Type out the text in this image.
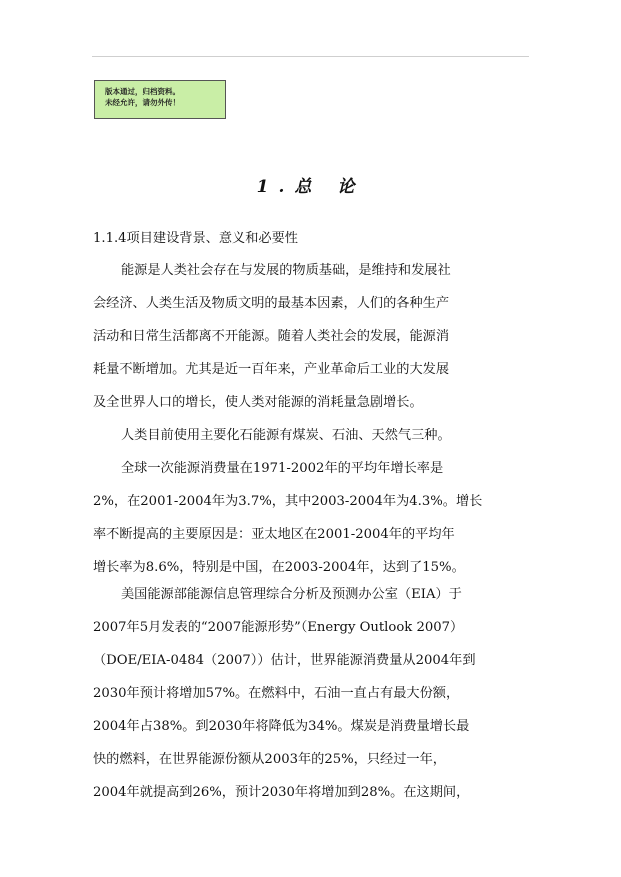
版本通过，归档资料。
未经允许，请勿外传！
1.总 论
1.1.4项目建设背景、意义和必要性
能源是人类社会存在与发展的物质基础，是维持和发展社
会经济、人类生活及物质文明的最基本因素，人们的各种生产
活动和日常生活都离不开能源。随着人类社会的发展，能源消
耗量不断增加。尤其是近一百年来，产业革命后工业的大发展
及全世界人口的增长，使人类对能源的消耗量急剧增长。
人类目前使用主要化石能源有煤炭、石油、天然气三种。
全球一次能源消费量在1971-2002年的平均年增长率是
2%，在2001-2004年为3.7%，其中2003-2004年为4.3%。增长
率不断提高的主要原因是：亚太地区在2001-2004年的平均年
增长率为8.6%，特别是中国，在2003-2004年，达到了15%。
美国能源部能源信息管理综合分析及预测办公室（EIA）于
2007年5月发表的“2007能源形势”（Energy Outlook 2007）
（DOE/EIA-0484（2007））估计，世界能源消费量从2004年到
2030年预计将增加57%。在燃料中，石油一直占有最大份额，
2004年占38%。到2030年将降低为34%。煤炭是消费量增长最
快的燃料，在世界能源份额从2003年的25%，只经过一年，
2004年就提高到26%，预计2030年将增加到28%。在这期间，
